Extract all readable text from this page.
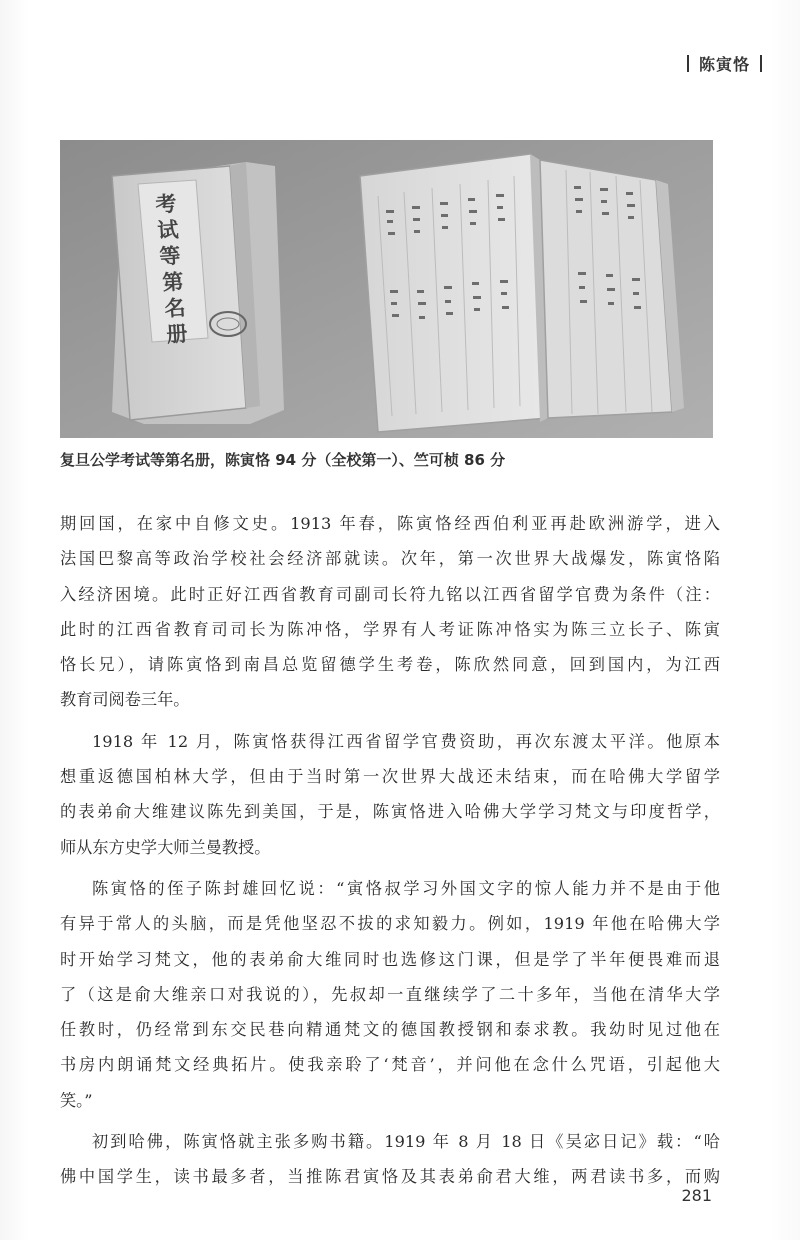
陈寅恪
考
试
等
第
名
册
复旦公学考试等第名册，陈寅恪 94 分（全校第一）、竺可桢 86 分
期回国，在家中自修文史。1913 年春，陈寅恪经西伯利亚再赴欧洲游学，进入
法国巴黎高等政治学校社会经济部就读。次年，第一次世界大战爆发，陈寅恪陷
入经济困境。此时正好江西省教育司副司长符九铭以江西省留学官费为条件（注：
此时的江西省教育司司长为陈冲恪，学界有人考证陈冲恪实为陈三立长子、陈寅
恪长兄），请陈寅恪到南昌总览留德学生考卷，陈欣然同意，回到国内，为江西
教育司阅卷三年。
1918 年 12 月，陈寅恪获得江西省留学官费资助，再次东渡太平洋。他原本
想重返德国柏林大学，但由于当时第一次世界大战还未结束，而在哈佛大学留学
的表弟俞大维建议陈先到美国，于是，陈寅恪进入哈佛大学学习梵文与印度哲学，
师从东方史学大师兰曼教授。
陈寅恪的侄子陈封雄回忆说：“寅恪叔学习外国文字的惊人能力并不是由于他
有异于常人的头脑，而是凭他坚忍不拔的求知毅力。例如，1919 年他在哈佛大学
时开始学习梵文，他的表弟俞大维同时也选修这门课，但是学了半年便畏难而退
了（这是俞大维亲口对我说的），先叔却一直继续学了二十多年，当他在清华大学
任教时，仍经常到东交民巷向精通梵文的德国教授钢和泰求教。我幼时见过他在
书房内朗诵梵文经典拓片。使我亲聆了‘梵音’，并问他在念什么咒语，引起他大
笑。”
初到哈佛，陈寅恪就主张多购书籍。1919 年 8 月 18 日《吴宓日记》载：“哈
佛中国学生，读书最多者，当推陈君寅恪及其表弟俞君大维，两君读书多，而购
281
